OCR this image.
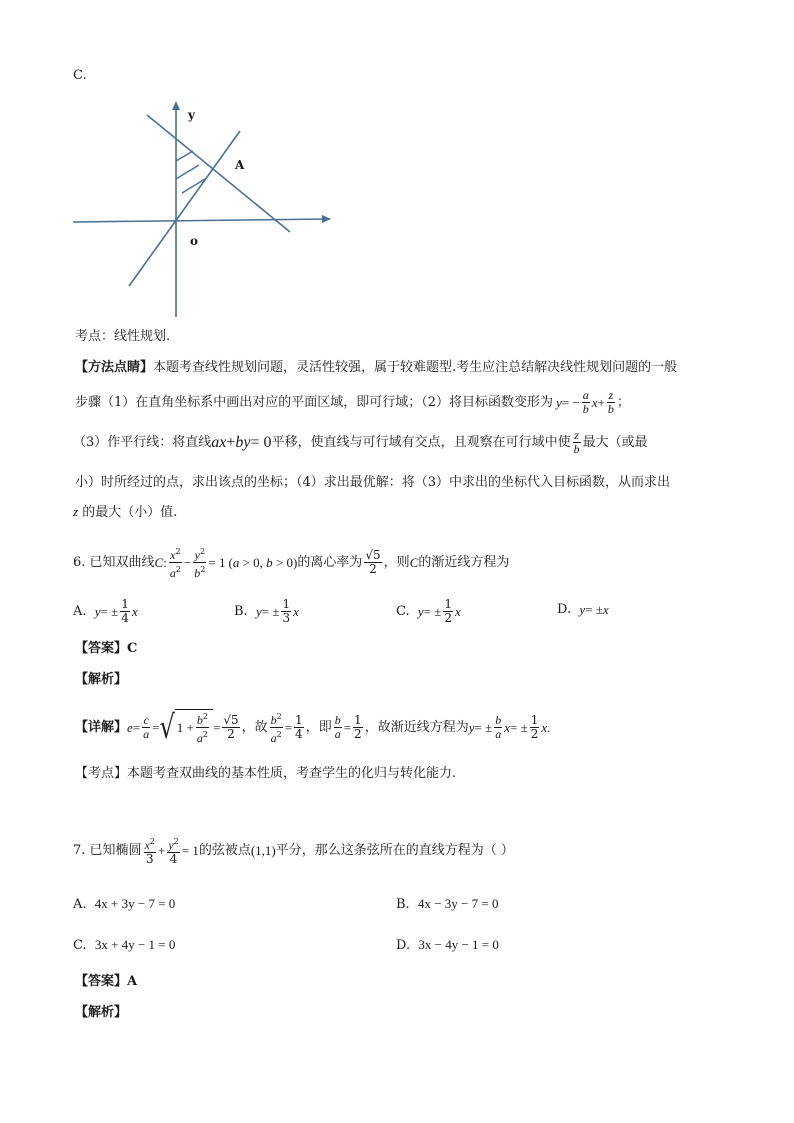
C.
y
A
o
考点：线性规划.
【方法点睛】本题考查线性规划问题，灵活性较强，属于较难题型.考生应注总结解决线性规划问题的一般
步骤（1）在直角坐标系中画出对应的平面区域，即可行域；（2）将目标函数变形为 y = − $\frac{a}{b}$ $x + \frac{z}{b}$ ；
（3）作平行线：将直线 ax + by = 0 平移，使直线与可行域有交点，且观察在可行域中使 $\frac{z}{b}$ 最大（或最
小）时所经过的点，求出该点的坐标；（4）求出最优解：将（3）中求出的坐标代入目标函数，从而求出
z 的最大（小）值.
6. 已知双曲线 C : $\frac{x^2}{a^2} - \frac{y^2}{b^2} = 1$ (a > 0, b > 0) 的离心率为 $\frac{√5}{2}$ ，则 C 的渐近线方程为
A.
y = ± $\frac{1}{4}$ x	B.
y = ± $\frac{1}{3}$ x	C.
y = ± $\frac{1}{2}$ x	D.
y = ± x
【答案】C
【解析】
【详解】 $e = \frac{c}{a}$ = √ $1 + \frac{b^2}{a^2} = \frac{√5}{2}$ ，故 $\frac{b^2}{a^2} = \frac{1}{4}$ ，即 $\frac{b}{a} = \frac{1}{2}$ ，故渐近线方程为 y = ± $\frac{b}{a}$ x = ± $\frac{1}{2}$ x .
【考点】本题考查双曲线的基本性质，考查学生的化归与转化能力.
7. 已知椭圆 $\frac{x^2}{3} + \frac{y^2}{4} = 1$ 的弦被点 (1,1) 平分，那么这条弦所在的直线方程为（ ）
A. 4x + 3y − 7 = 0	B. 4x − 3y − 7 = 0
C. 3x + 4y − 1 = 0	D. 3x − 4y − 1 = 0
【答案】A
【解析】
